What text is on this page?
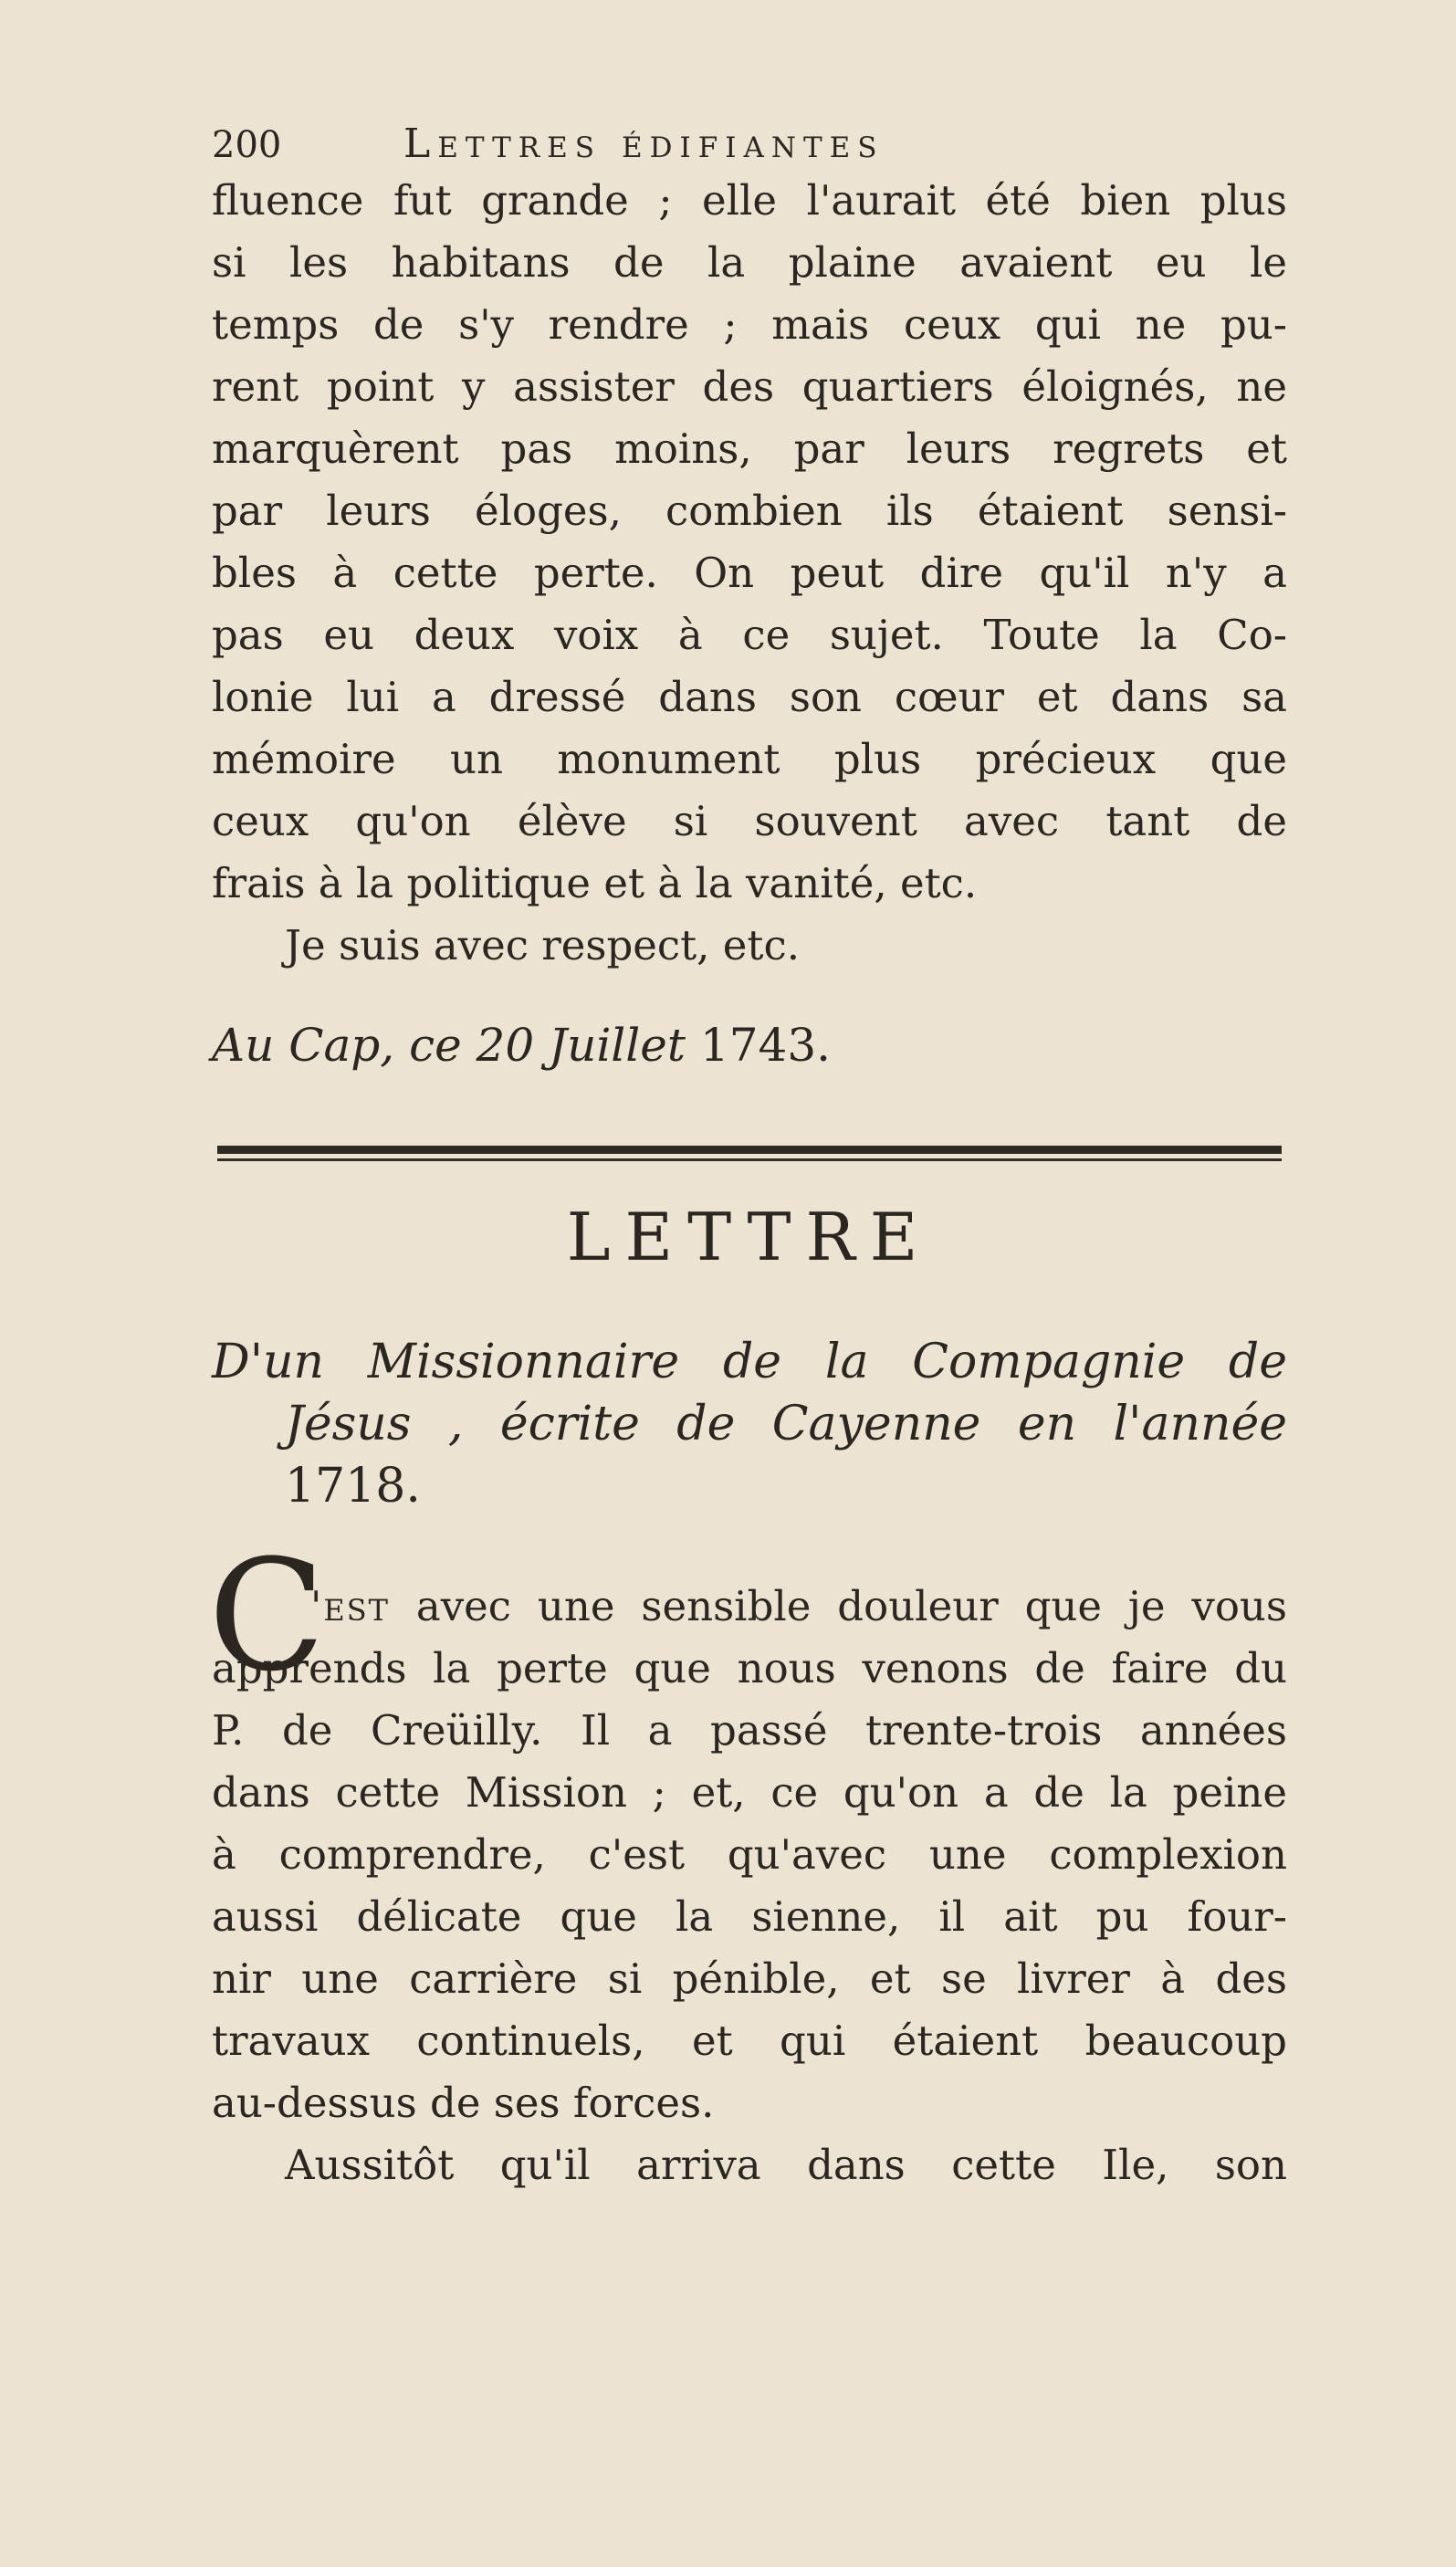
200	Lettres édifiantes
fluence fut grande ; elle l'aurait été bien plus
si les habitans de la plaine avaient eu le
temps de s'y rendre ; mais ceux qui ne pu-
rent point y assister des quartiers éloignés, ne
marquèrent pas moins, par leurs regrets et
par leurs éloges, combien ils étaient sensi-
bles à cette perte. On peut dire qu'il n'y a
pas eu deux voix à ce sujet. Toute la Co-
lonie lui a dressé dans son cœur et dans sa
mémoire un monument plus précieux que
ceux qu'on élève si souvent avec tant de
frais à la politique et à la vanité, etc.
Je suis avec respect, etc.
Au Cap, ce 20 Juillet 1743.
LETTRE
D'un Missionnaire de la Compagnie de
Jésus , écrite de Cayenne en l'année
1718.
C
'est avec une sensible douleur que je vous
apprends la perte que nous venons de faire du
P. de Creüilly. Il a passé trente-trois années
dans cette Mission ; et, ce qu'on a de la peine
à comprendre, c'est qu'avec une complexion
aussi délicate que la sienne, il ait pu four-
nir une carrière si pénible, et se livrer à des
travaux continuels, et qui étaient beaucoup
au-dessus de ses forces.
Aussitôt qu'il arriva dans cette Ile, son
